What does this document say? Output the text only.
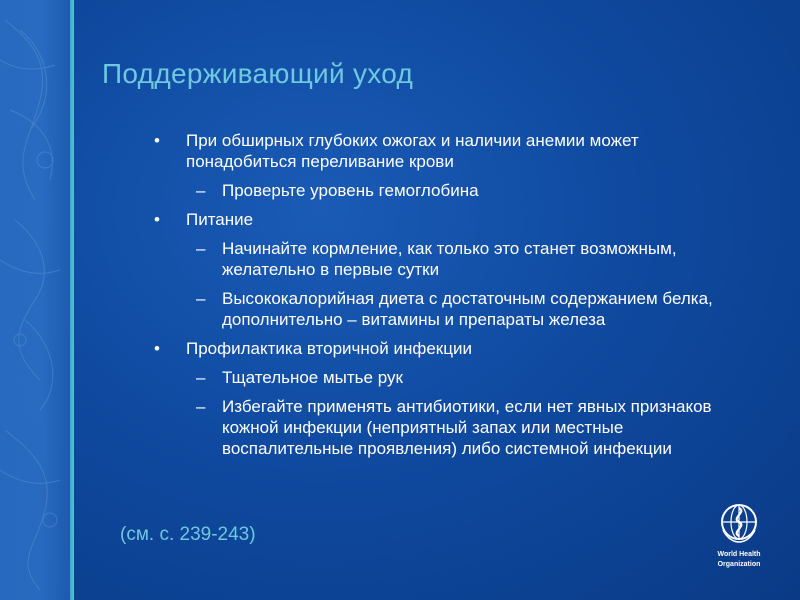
Поддерживающий уход
• При обширных глубоких ожогах и наличии анемии может понадобиться переливание крови
– Проверьте уровень гемоглобина
• Питание
– Начинайте кормление, как только это станет возможным, желательно в первые сутки
– Высококалорийная диета с достаточным содержанием белка, дополнительно – витамины и препараты железа
• Профилактика вторичной инфекции
– Тщательное мытье рук
– Избегайте применять антибиотики, если нет явных признаков кожной инфекции (неприятный запах или местные воспалительные проявления) либо системной инфекции
(см. с. 239-243)
World Health
Organization
